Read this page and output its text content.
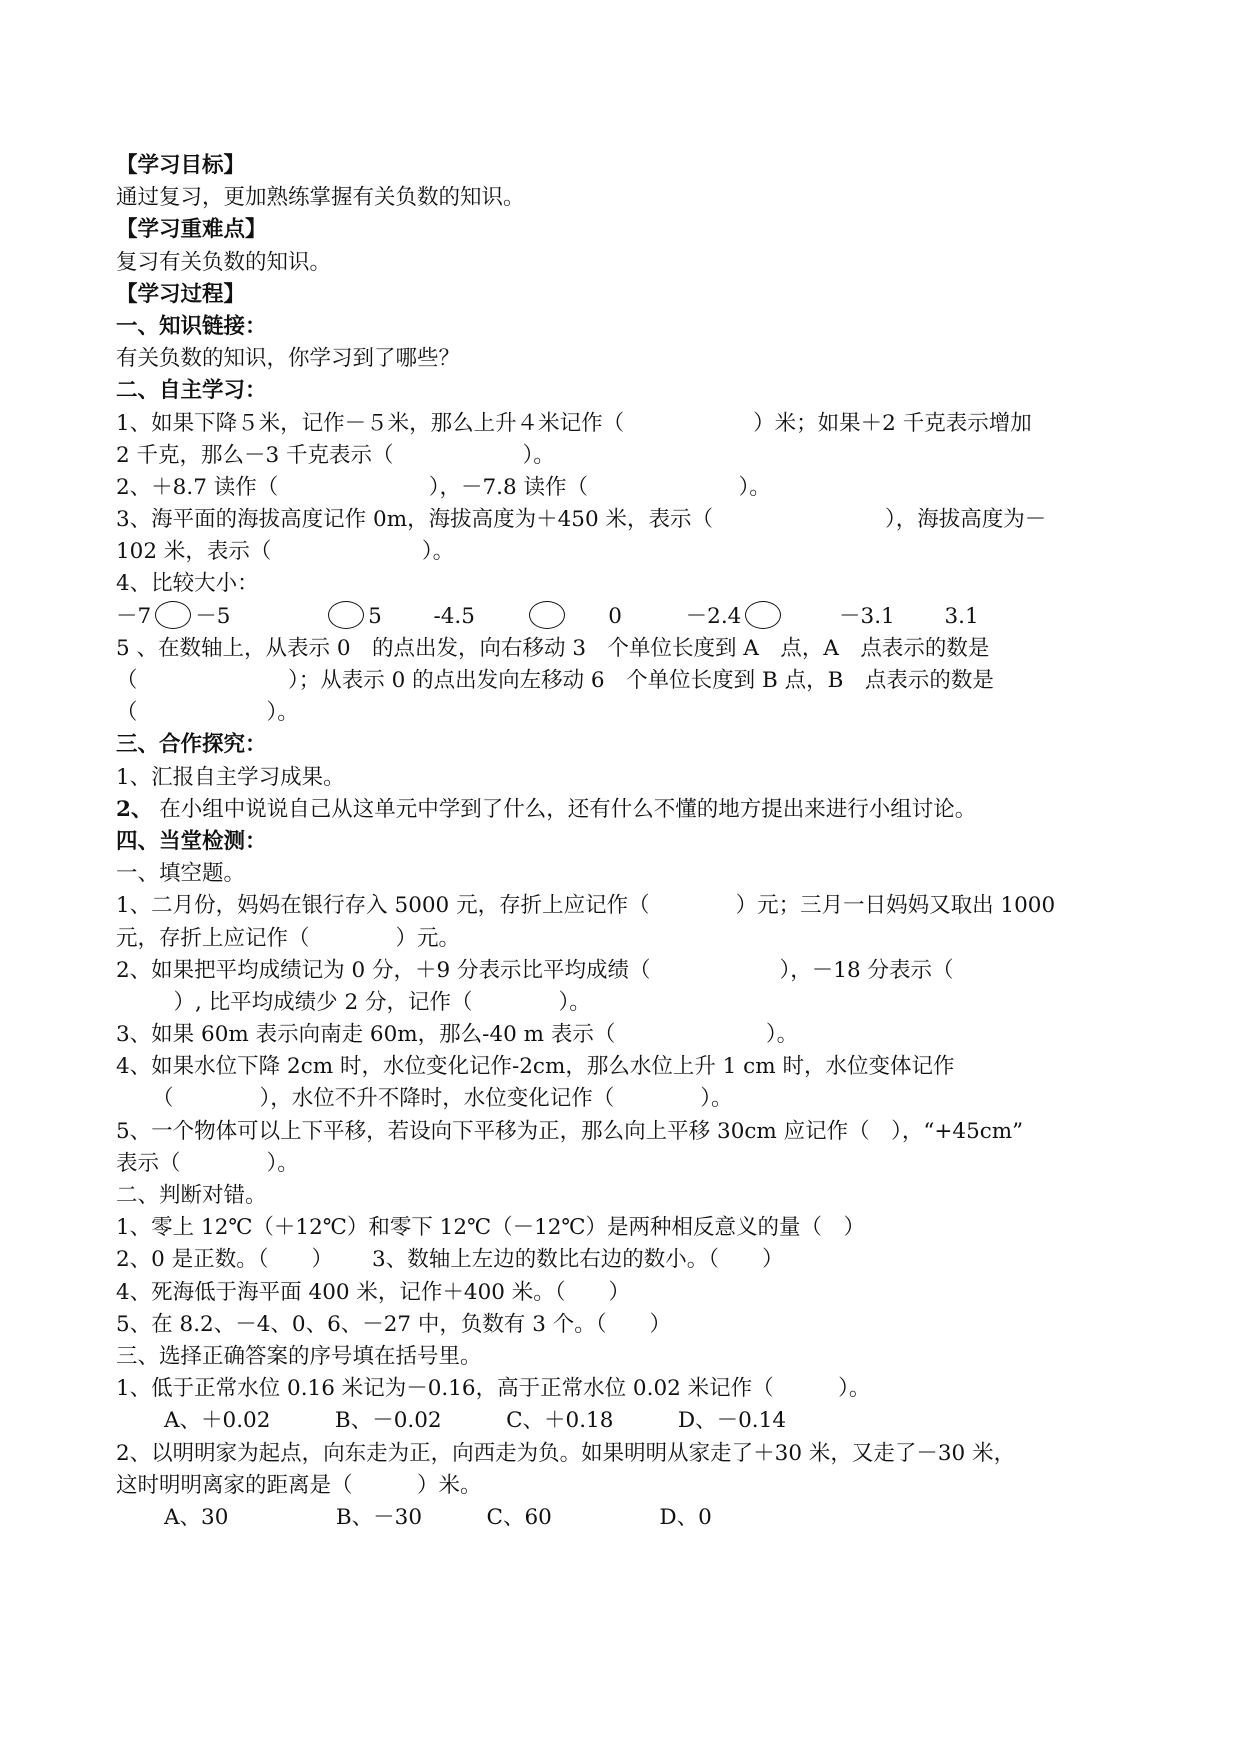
【学习目标】
通过复习，更加熟练掌握有关负数的知识。
【学习重难点】
复习有关负数的知识。
【学习过程】
一、知识链接：
有关负数的知识，你学习到了哪些？
二、自主学习：
1、如果下降５米，记作－５米，那么上升４米记作（　　　　　　）米；如果＋2 千克表示增加
2 千克，那么－3 千克表示（　　　　　　）。
2、＋8.7 读作（　　　　　　　），－7.8 读作（　　　　　　　）。
3、海平面的海拔高度记作 0m，海拔高度为＋450 米，表示（　　　　　　　　），海拔高度为－
102 米，表示（　　　　　　　）。
4、比较大小：
－7 －5	5 -4.5	0	－2.4	－3.1 3.1
5 、在数轴上，从表示 0　的点出发，向右移动 3　个单位长度到 A　点，A　点表示的数是
（　　　　　　　）；从表示 0 的点出发向左移动 6　个单位长度到 B 点，B　点表示的数是
（　　　　　　）。
三、合作探究：
1、汇报自主学习成果。
2、 在小组中说说自己从这单元中学到了什么，还有什么不懂的地方提出来进行小组讨论。
四、当堂检测：
一、填空题。
1、二月份，妈妈在银行存入 5000 元，存折上应记作（　　　　）元；三月一日妈妈又取出 1000
元，存折上应记作（　　　　）元。
2、如果把平均成绩记为 0 分，＋9 分表示比平均成绩（　　　　　　），－18 分表示（
　）, 比平均成绩少 2 分，记作（　　　　）。
3、如果 60m 表示向南走 60m，那么-40 m 表示（　　　　　　　）。
4、如果水位下降 2cm 时，水位变化记作-2cm，那么水位上升 1 cm 时，水位变体记作
（　　　　），水位不升不降时，水位变化记作（　　　　）。
5、一个物体可以上下平移，若设向下平移为正，那么向上平移 30cm 应记作（　），“+45cm”
表示（　　　　）。
二、判断对错。
1、零上 12℃（＋12℃）和零下 12℃（－12℃）是两种相反意义的量（　）
2、0 是正数。（　　）　　 3、数轴上左边的数比右边的数小。（　　）
4、死海低于海平面 400 米，记作＋400 米。（　　）
5、在 8.2、－4、0、6、－27 中，负数有 3 个。（　　）
三、选择正确答案的序号填在括号里。
1、低于正常水位 0.16 米记为－0.16，高于正常水位 0.02 米记作（　　　）。
A、＋0.02　　　B、－0.02　　　C、＋0.18　　　D、－0.14
2、以明明家为起点，向东走为正，向西走为负。如果明明从家走了＋30 米，又走了－30 米，
这时明明离家的距离是（　　　）米。
A、30　　　　　B、－30　　　C、60　　　　　D、0
